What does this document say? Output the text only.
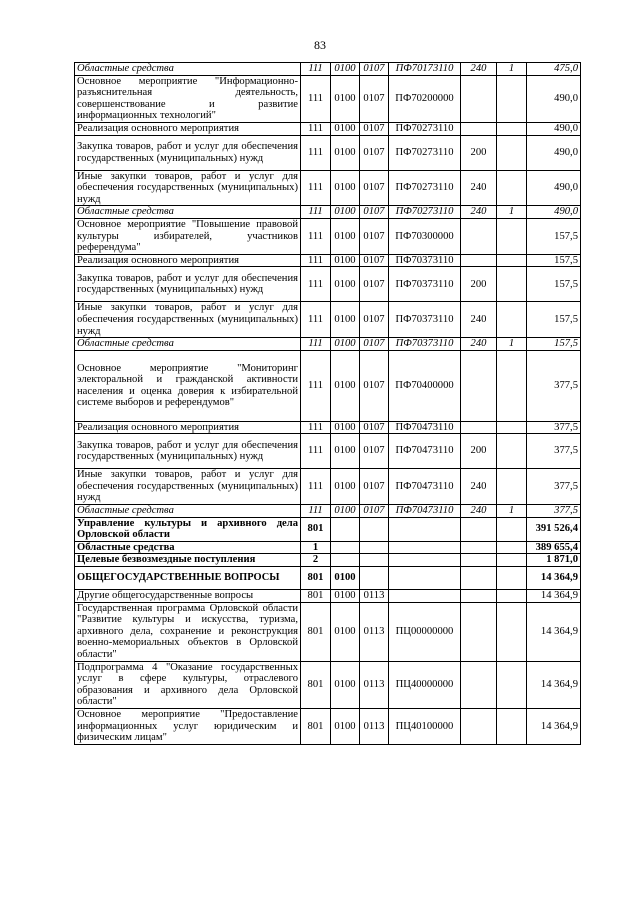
83
Областные средства	111	0100	0107	ПФ70173110	240	1	475,0
Основное мероприятие "Информационно-разъяснительная деятельность, совершенствование и развитие информационных технологий"	111	0100	0107	ПФ70200000			490,0
Реализация основного мероприятия	111	0100	0107	ПФ70273110			490,0
Закупка товаров, работ и услуг для обеспечения государственных (муниципальных) нужд	111	0100	0107	ПФ70273110	200		490,0
Иные закупки товаров, работ и услуг для обеспечения государственных (муниципальных) нужд	111	0100	0107	ПФ70273110	240		490,0
Областные средства	111	0100	0107	ПФ70273110	240	1	490,0
Основное мероприятие "Повышение правовой культуры избирателей, участников референдума"	111	0100	0107	ПФ70300000			157,5
Реализация основного мероприятия	111	0100	0107	ПФ70373110			157,5
Закупка товаров, работ и услуг для обеспечения государственных (муниципальных) нужд	111	0100	0107	ПФ70373110	200		157,5
Иные закупки товаров, работ и услуг для обеспечения государственных (муниципальных) нужд	111	0100	0107	ПФ70373110	240		157,5
Областные средства	111	0100	0107	ПФ70373110	240	1	157,5
Основное мероприятие "Мониторинг электоральной и гражданской активности населения и оценка доверия к избирательной системе выборов и референдумов"	111	0100	0107	ПФ70400000			377,5
Реализация основного мероприятия	111	0100	0107	ПФ70473110			377,5
Закупка товаров, работ и услуг для обеспечения государственных (муниципальных) нужд	111	0100	0107	ПФ70473110	200		377,5
Иные закупки товаров, работ и услуг для обеспечения государственных (муниципальных) нужд	111	0100	0107	ПФ70473110	240		377,5
Областные средства	111	0100	0107	ПФ70473110	240	1	377,5
Управление культуры и архивного дела Орловской области	801						391 526,4
Областные средства	1						389 655,4
Целевые безвозмездные поступления	2						1 871,0
ОБЩЕГОСУДАРСТВЕННЫЕ ВОПРОСЫ	801	0100					14 364,9
Другие общегосударственные вопросы	801	0100	0113				14 364,9
Государственная программа Орловской области "Развитие культуры и искусства, туризма, архивного дела, сохранение и реконструкция военно-мемориальных объектов в Орловской области"	801	0100	0113	ПЦ00000000			14 364,9
Подпрограмма 4 "Оказание государственных услуг в сфере культуры, отраслевого образования и архивного дела Орловской области"	801	0100	0113	ПЦ40000000			14 364,9
Основное мероприятие "Предоставление информационных услуг юридическим и физическим лицам"	801	0100	0113	ПЦ40100000			14 364,9
